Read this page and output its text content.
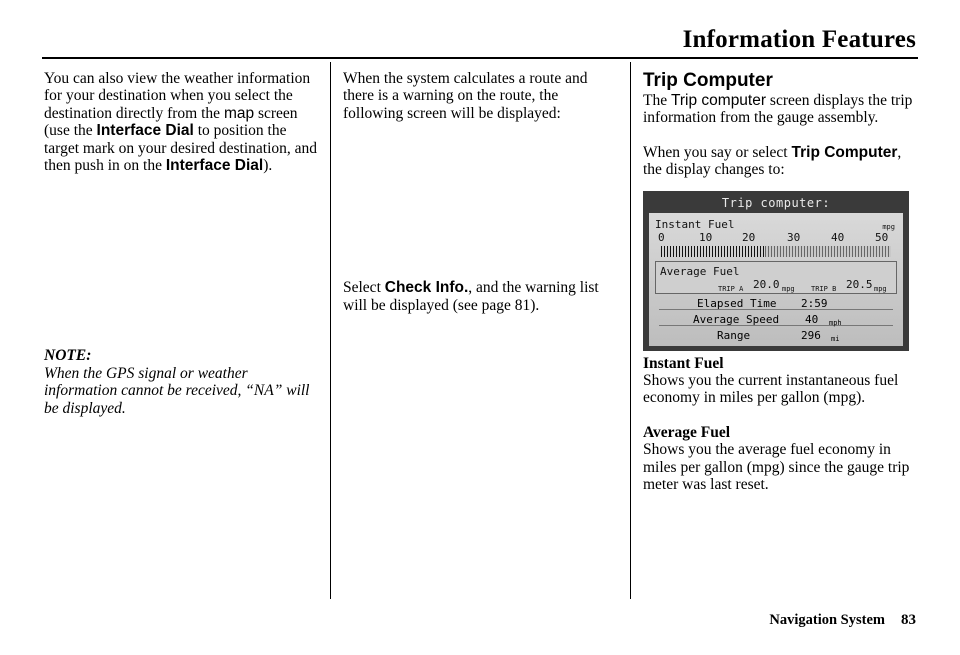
Information Features

You can also view the weather information for your destination when you select the destination directly from the map screen (use the Interface Dial to position the target mark on your desired destination, and then push in on the Interface Dial).

NOTE:

When the GPS signal or weather information cannot be received, “NA” will be displayed.

When the system calculates a route and there is a warning on the route, the following screen will be displayed:

Select Check Info., and the warning list will be displayed (see page 81).

Trip Computer

The Trip computer screen displays the trip information from the gauge assembly.

When you say or select Trip Computer, the display changes to:

Trip computer:
Instant Fuel	mpg
0	10	20	30	40	50
Average Fuel
TRIP A 20.0 mpg TRIP B 20.5 mpg
Elapsed Time 2:59
Average Speed 40 mph
Range	296 mi

Instant Fuel

Shows you the current instantaneous fuel economy in miles per gallon (mpg).

Average Fuel

Shows you the average fuel economy in miles per gallon (mpg) since the gauge trip meter was last reset.

Navigation System 83
